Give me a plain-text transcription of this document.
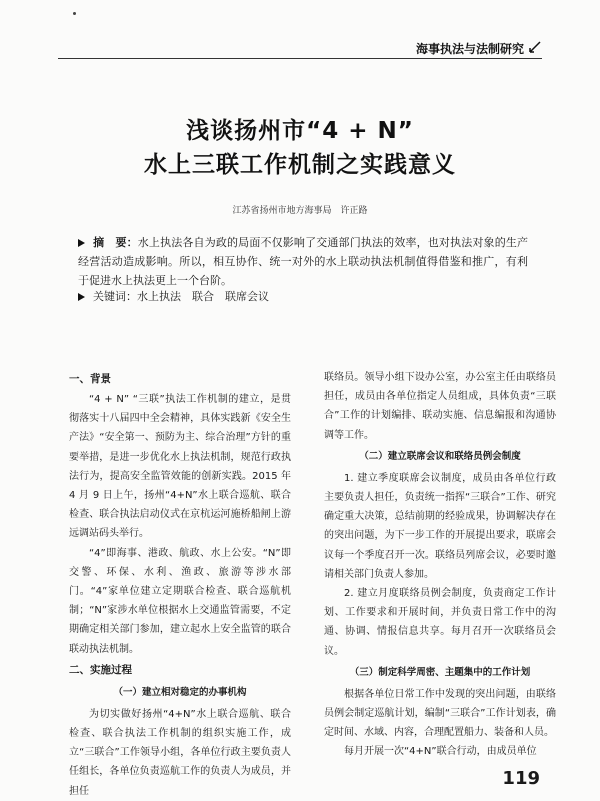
海事执法与法制研究
浅谈扬州市“4 + N”
水上三联工作机制之实践意义
江苏省扬州市地方海事局　许正路
摘　要：水上执法各自为政的局面不仅影响了交通部门执法的效率，也对执法对象的生产经营活动造成影响。所以，相互协作、统一对外的水上联动执法机制值得借鉴和推广，有利于促进水上执法更上一个台阶。
关键词：水上执法　联合　联席会议
一、背景

“4 + N” “三联”执法工作机制的建立，是贯彻落实十八届四中全会精神，具体实践新《安全生产法》“安全第一、预防为主、综合治理”方针的重要举措，是进一步优化水上执法机制，规范行政执法行为，提高安全监管效能的创新实践。2015 年 4 月 9 日上午，扬州“4+N”水上联合巡航、联合检查、联合执法启动仪式在京杭运河施桥船闸上游远调站码头举行。

“4”即海事、港政、航政、水上公安。“N”即交警、环保、水利、渔政、旅游等涉水部门。“4”家单位建立定期联合检查、联合巡航机制；“N”家涉水单位根据水上交通监管需要，不定期确定相关部门参加，建立起水上安全监管的联合联动执法机制。

二、实施过程
（一）建立相对稳定的办事机构

为切实做好扬州“4+N”水上联合巡航、联合检查、联合执法工作机制的组织实施工作，成立“三联合”工作领导小组，各单位行政主要负责人任组长，各单位负责巡航工作的负责人为成员，并担任

联络员。领导小组下设办公室，办公室主任由联络员担任，成员由各单位指定人员组成，具体负责“三联合”工作的计划编排、联动实施、信息编报和沟通协调等工作。

（二）建立联席会议和联络员例会制度

1. 建立季度联席会议制度，成员由各单位行政主要负责人担任，负责统一指挥“三联合”工作、研究确定重大决策，总结前期的经验成果，协调解决存在的突出问题，为下一步工作的开展提出要求，联席会议每一个季度召开一次。联络员列席会议，必要时邀请相关部门负责人参加。

2. 建立月度联络员例会制度，负责商定工作计划、工作要求和开展时间，并负责日常工作中的沟通、协调、情报信息共享。每月召开一次联络员会议。

（三）制定科学周密、主题集中的工作计划

根据各单位日常工作中发现的突出问题，由联络员例会制定巡航计划，编制“三联合”工作计划表，确定时间、水域、内容，合理配置船力、装备和人员。

每月开展一次“4+N”联合行动，由成员单位

119
